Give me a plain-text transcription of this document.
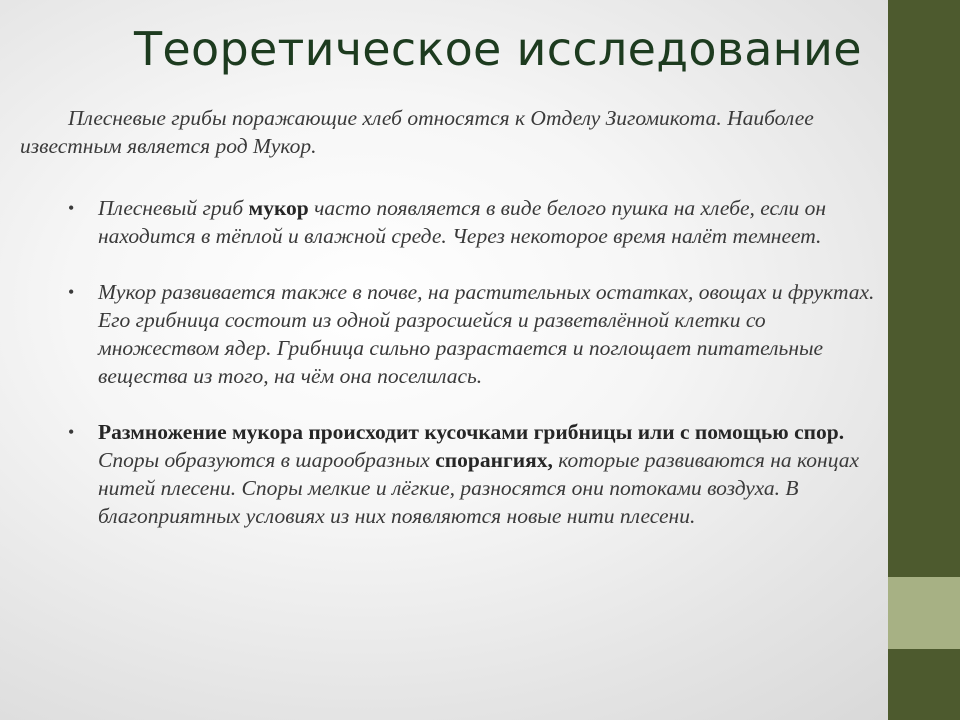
Теоретическое исследование

Плесневые грибы поражающие хлеб относятся к Отделу Зигомикота. Наиболее известным является род Мукор.

• Плесневый гриб мукор часто появляется в виде белого пушка на хлебе, если он находится в тёплой и влажной среде. Через некоторое время налёт темнеет.
• Мукор развивается также в почве, на растительных остатках, овощах и фруктах. Его грибница состоит из одной разросшейся и разветвлённой клетки со множеством ядер. Грибница сильно разрастается и поглощает питательные вещества из того, на чём она поселилась.
• Размножение мукора происходит кусочками грибницы или с помощью спор. Споры образуются в шарообразных спорангиях, которые развиваются на концах нитей плесени. Споры мелкие и лёгкие, разносятся они потоками воздуха. В благоприятных условиях из них появляются новые нити плесени.
